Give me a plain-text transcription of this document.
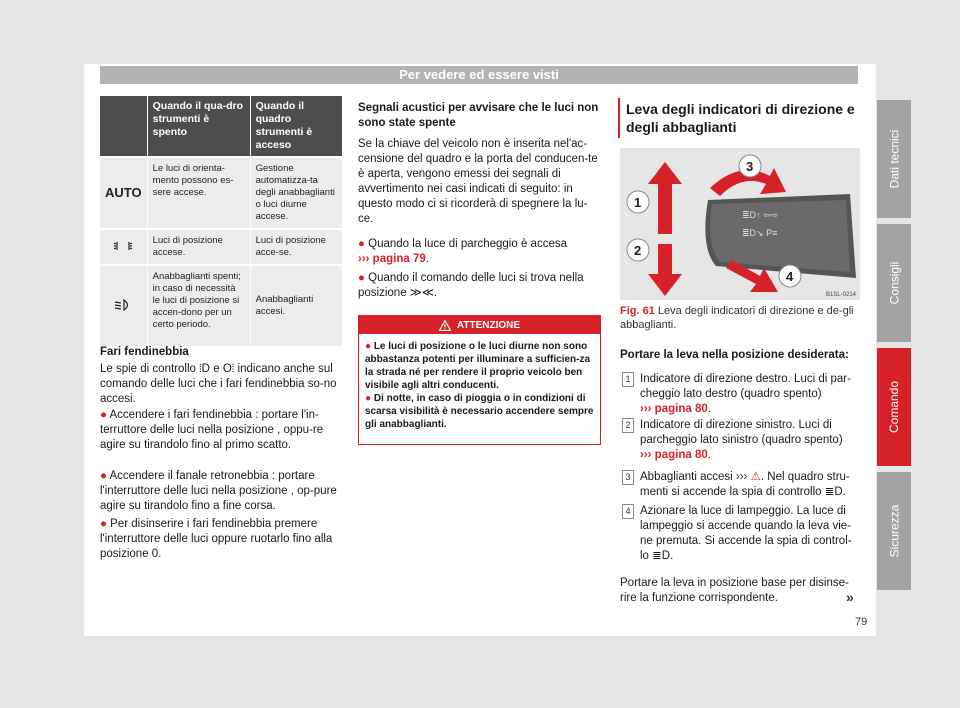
Per vedere ed essere visti
Dati tecnici
Consigli
Comando
Sicurezza
	Quando il qua-dro strumenti è spento	Quando il quadro strumenti è acceso
AUTO	Le luci di orienta-mento possono es-sere accese.	Gestione automatizza-ta degli anabbaglianti o luci diurne accese.
	Luci di posizione accese.	Luci di posizione acce-se.
	Anabbaglianti spenti; in caso di necessità le luci di posizione si accen-dono per un certo periodo.	Anabbaglianti accesi.
Fari fendinebbia
Le spie di controllo ⦙D e O⦙ indicano anche sul comando delle luci che i fari fendinebbia so-no accesi.
● Accendere i fari fendinebbia : portare l'in-terruttore delle luci nella posizione , oppu-re agire su tirandolo fino al primo scatto.
● Accendere il fanale retronebbia : portare l'interruttore delle luci nella posizione , op-pure agire su tirandolo fino a fine corsa.
● Per disinserire i fari fendinebbia premere l'interruttore delle luci oppure ruotarlo fino alla posizione 0.
Segnali acustici per avvisare che le luci non sono state spente
Se la chiave del veicolo non è inserita nel'ac-censione del quadro e la porta del conducen-te è aperta, vengono emessi dei segnali di avvertimento nei casi indicati di seguito: in questo modo ci si ricorderà di spegnere la lu-ce.
● Quando la luce di parcheggio è accesa
››› pagina 79.
● Quando il comando delle luci si trova nella posizione ≫≪.
ATTENZIONE
● Le luci di posizione o le luci diurne non sono abbastanza potenti per illuminare a sufficien-za la strada né per rendere il proprio veicolo ben visibile agli altri conducenti.
● Di notte, in caso di pioggia o in condizioni di scarsa visibilità è necessario accendere sempre gli anabbaglianti.
Leva degli indicatori di direzione e degli abbaglianti
≣D↑ ⇦⇨
≣D↘ P≡
1
2
3
4
B1SL-0214
Fig. 61 Leva degli indicatori di direzione e de-gli abbaglianti.
Portare la leva nella posizione desiderata:
1 Indicatore di direzione destro. Luci di par-cheggio lato destro (quadro spento)
››› pagina 80.
2 Indicatore di direzione sinistro. Luci di parcheggio lato sinistro (quadro spento)
››› pagina 80.
3 Abbaglianti accesi ››› ⚠. Nel quadro stru-menti si accende la spia di controllo ≣D.
4 Azionare la luce di lampeggio. La luce di lampeggio si accende quando la leva vie-ne premuta. Si accende la spia di control-lo ≣D.
Portare la leva in posizione base per disinse-rire la funzione corrispondente.	»
79
